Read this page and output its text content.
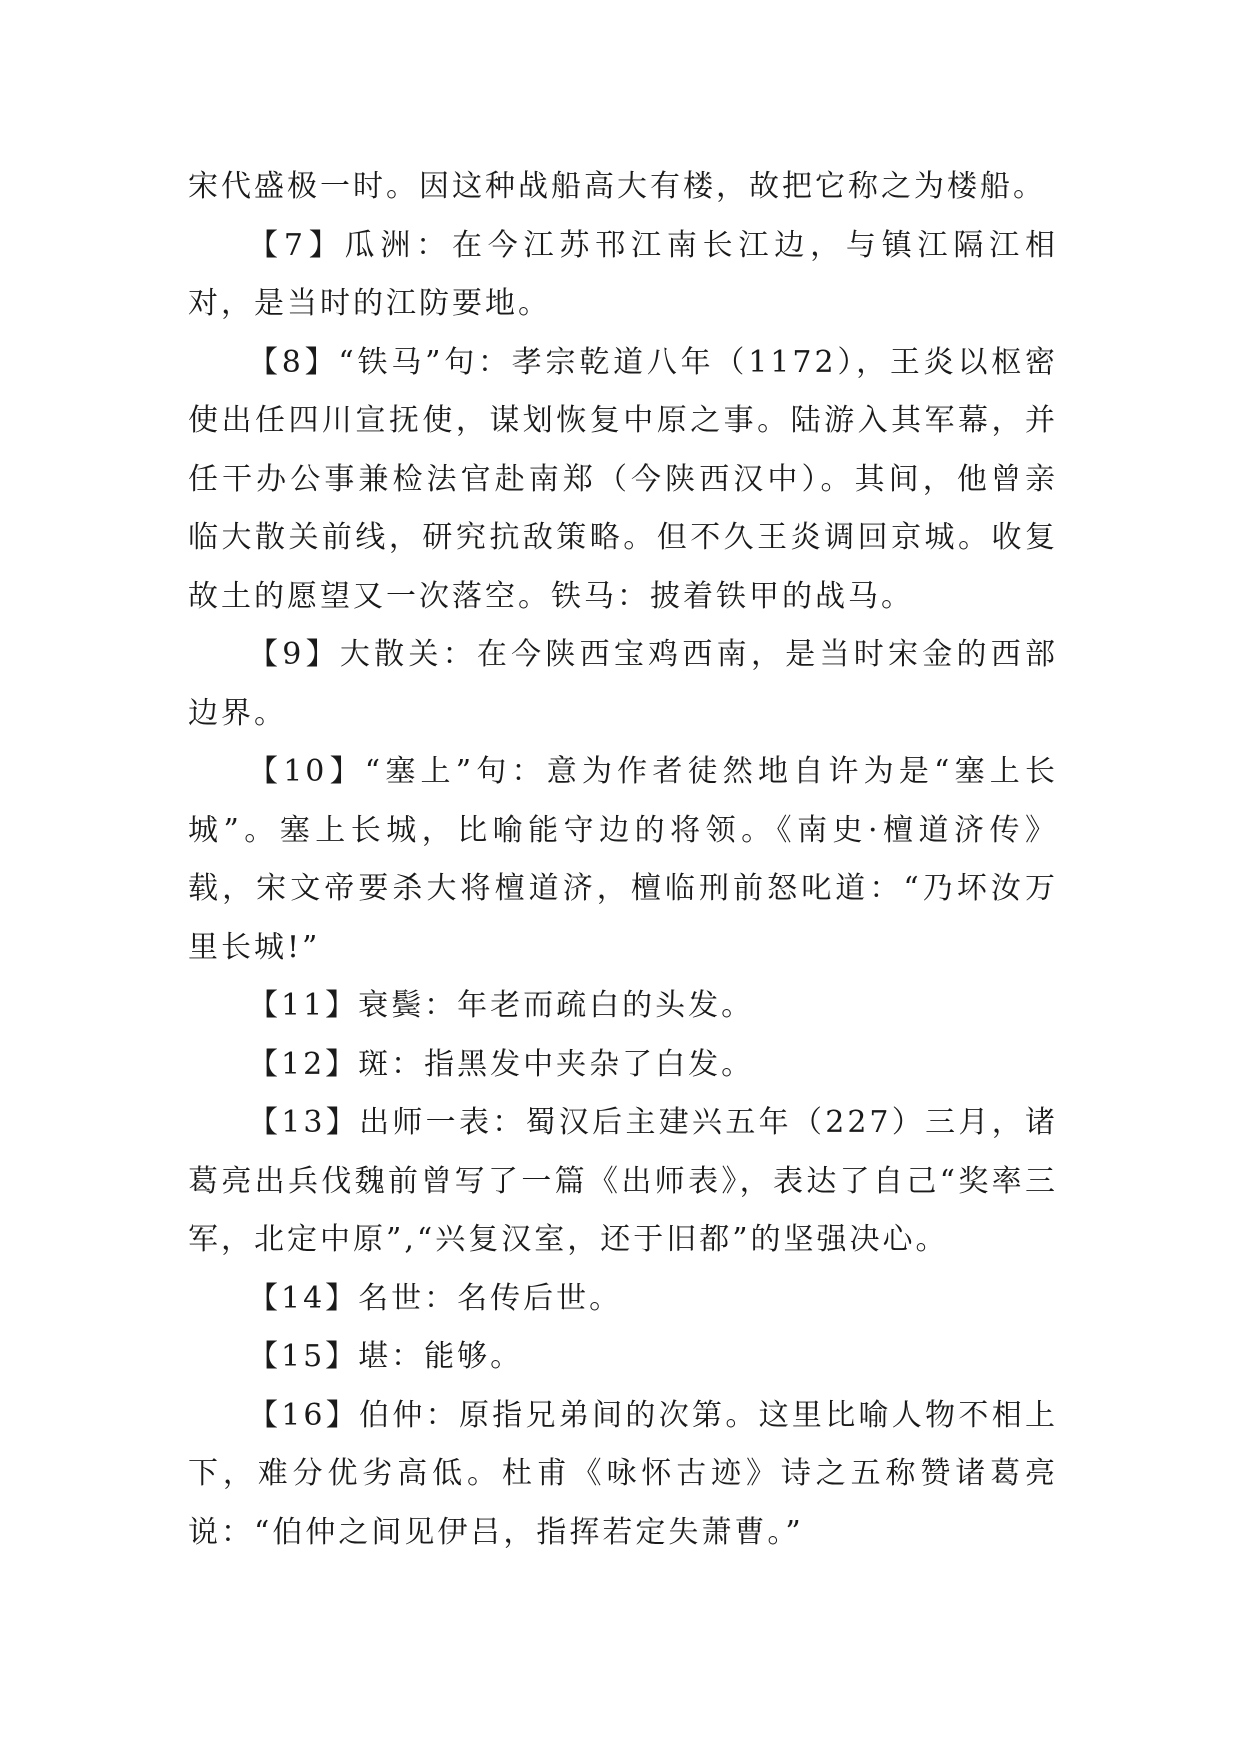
宋代盛极一时。因这种战船高大有楼，故把它称之为楼船。

【7】瓜洲：在今江苏邗江南长江边，与镇江隔江相对，是当时的江防要地。

【8】“铁马”句：孝宗乾道八年（1172），王炎以枢密使出任四川宣抚使，谋划恢复中原之事。陆游入其军幕，并任干办公事兼检法官赴南郑（今陕西汉中）。其间，他曾亲临大散关前线，研究抗敌策略。但不久王炎调回京城。收复故土的愿望又一次落空。铁马：披着铁甲的战马。

【9】大散关：在今陕西宝鸡西南，是当时宋金的西部边界。

【10】“塞上”句：意为作者徒然地自许为是“塞上长城”。塞上长城，比喻能守边的将领。《南史·檀道济传》载，宋文帝要杀大将檀道济，檀临刑前怒叱道：“乃坏汝万里长城!”

【11】衰鬓：年老而疏白的头发。

【12】斑：指黑发中夹杂了白发。

【13】出师一表：蜀汉后主建兴五年（227）三月，诸葛亮出兵伐魏前曾写了一篇《出师表》，表达了自己“奖率三军，北定中原”,“兴复汉室，还于旧都”的坚强决心。

【14】名世：名传后世。

【15】堪：能够。

【16】伯仲：原指兄弟间的次第。这里比喻人物不相上下，难分优劣高低。杜甫《咏怀古迹》诗之五称赞诸葛亮说：“伯仲之间见伊吕，指挥若定失萧曹。”
